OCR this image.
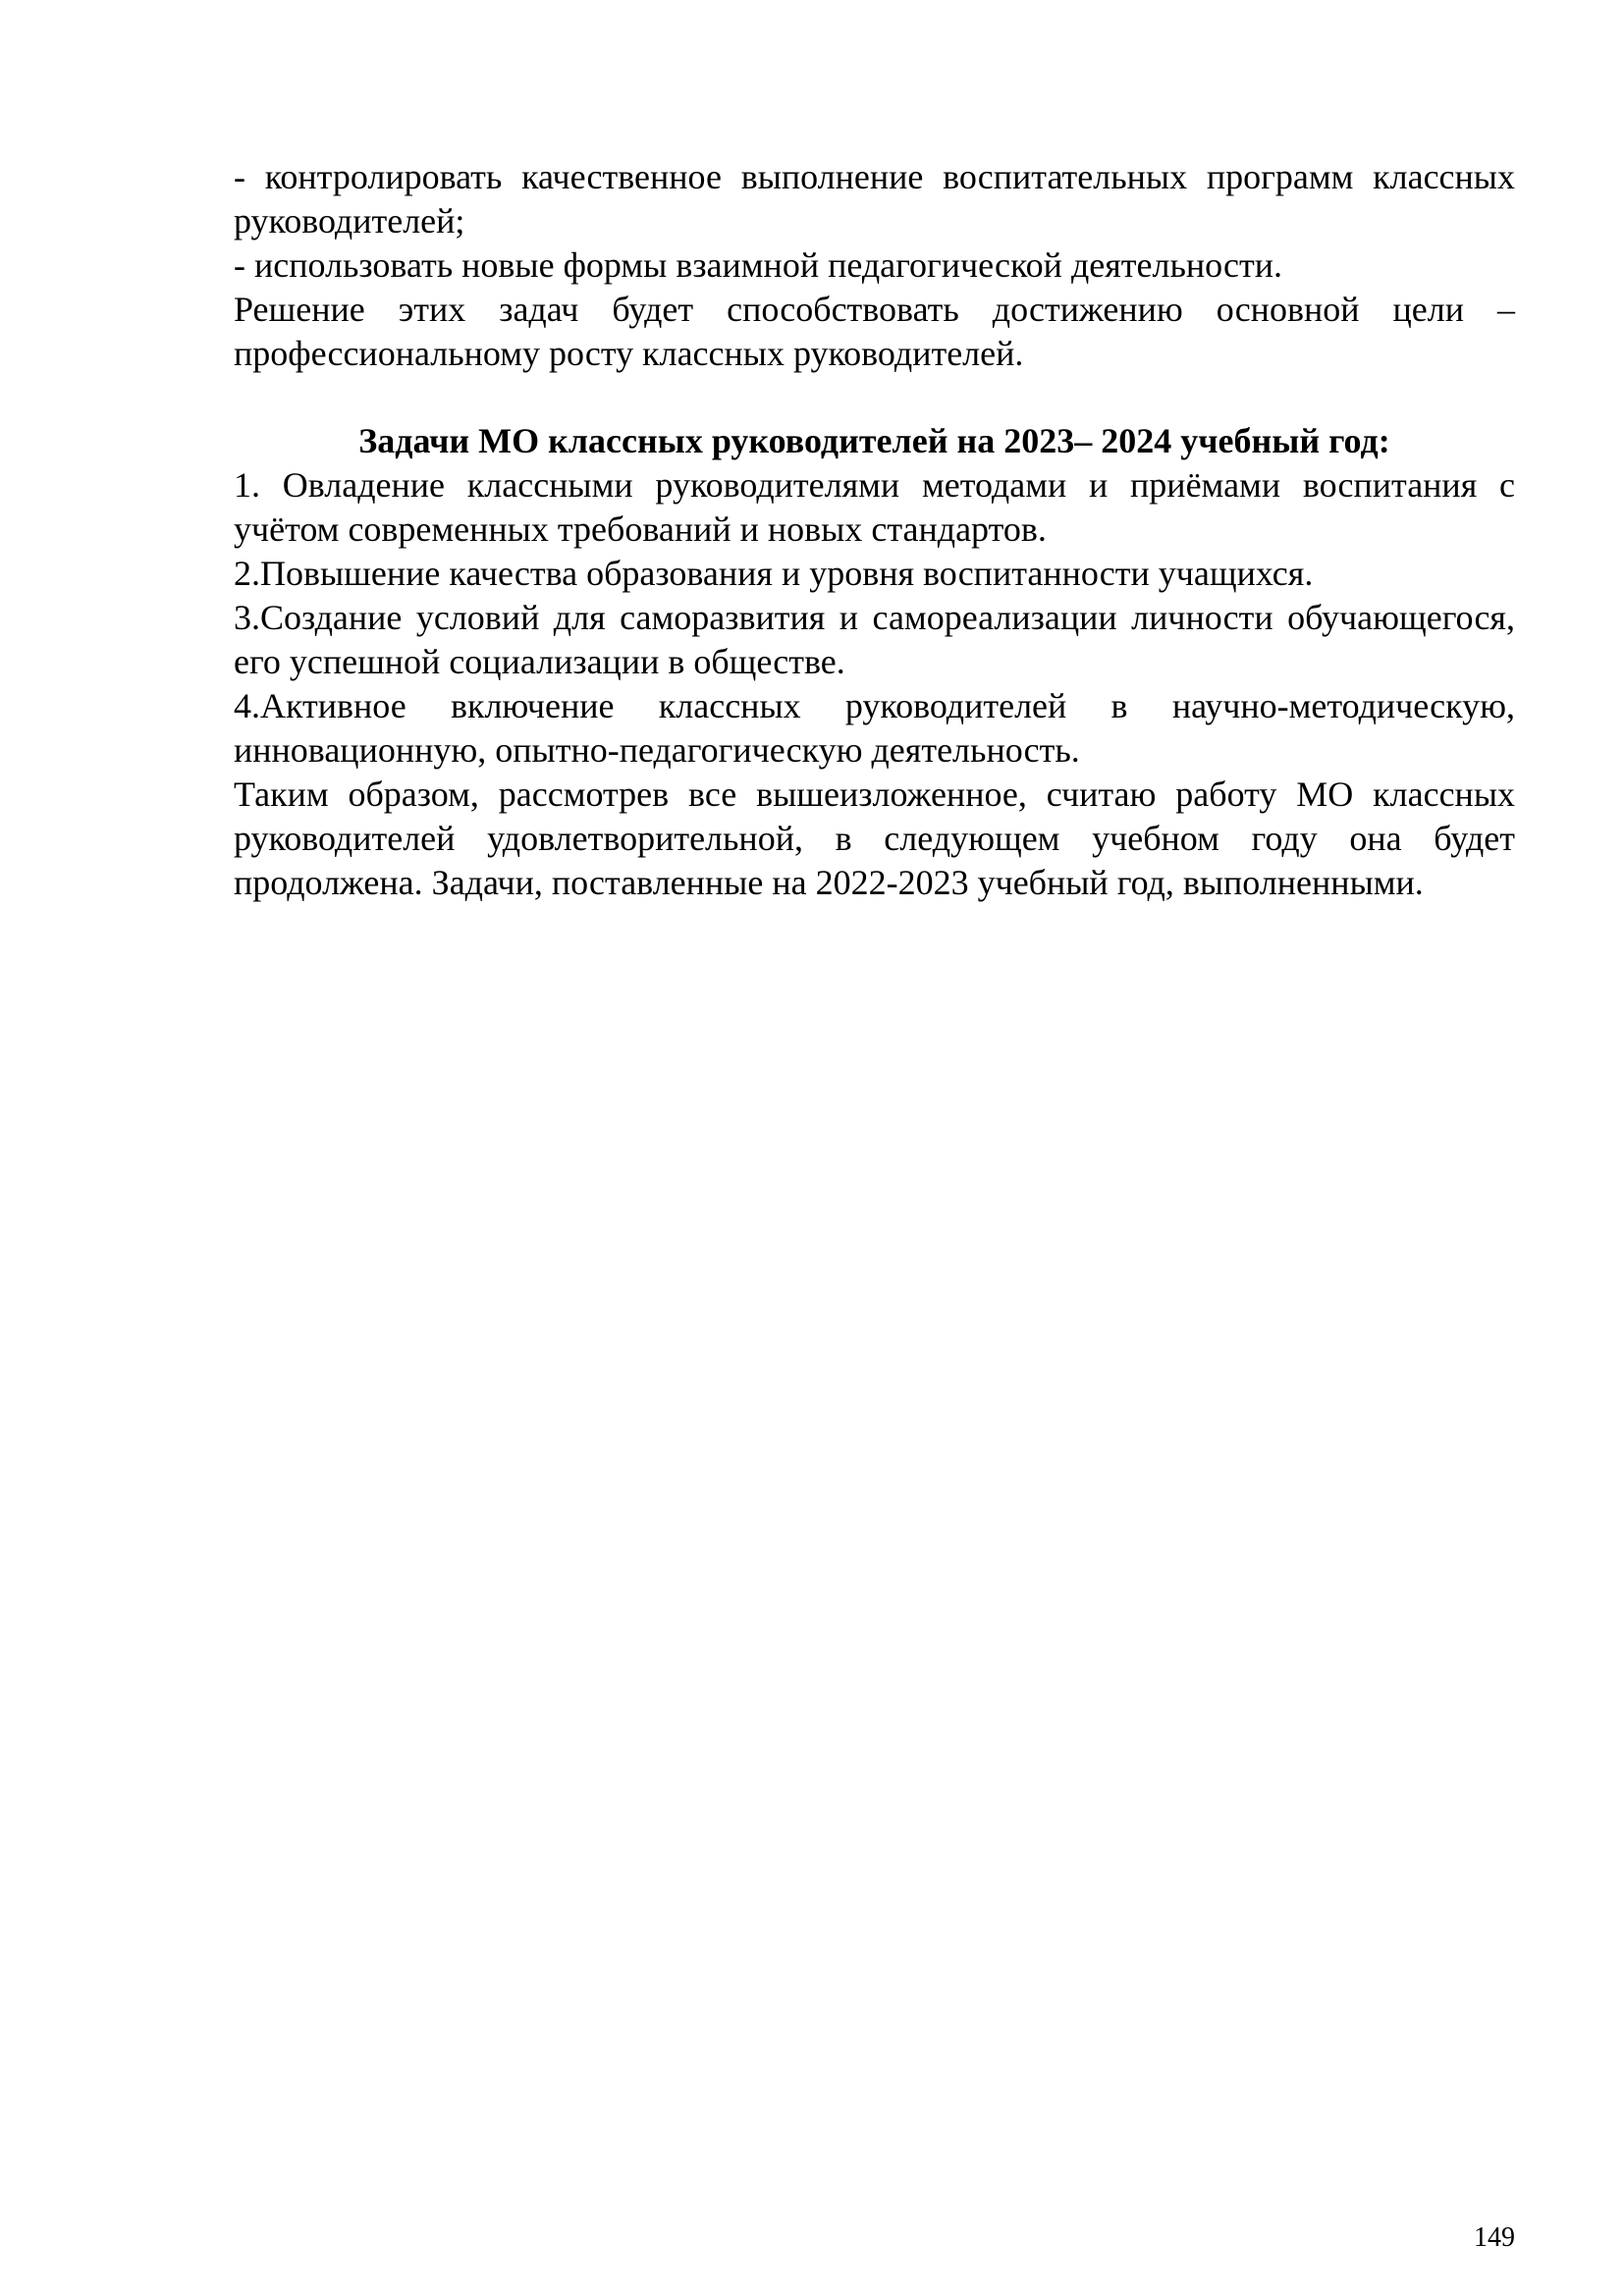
- контролировать качественное выполнение воспитательных программ классных руководителей;

- использовать новые формы взаимной педагогической деятельности.

Решение этих задач будет способствовать достижению основной цели – профессиональному росту классных руководителей.

Задачи МО классных руководителей на 2023– 2024 учебный год:

1. Овладение классными руководителями методами и приёмами воспитания с учётом современных требований и новых стандартов.

2.Повышение качества образования и уровня воспитанности учащихся.

3.Создание условий для саморазвития и самореализации личности обучающегося, его успешной социализации в обществе.

4.Активное включение классных руководителей в научно-методическую, инновационную, опытно-педагогическую деятельность.

Таким образом, рассмотрев все вышеизложенное, считаю работу МО классных руководителей удовлетворительной, в следующем учебном году она будет продолжена. Задачи, поставленные на 2022-2023 учебный год, выполненными.

149
